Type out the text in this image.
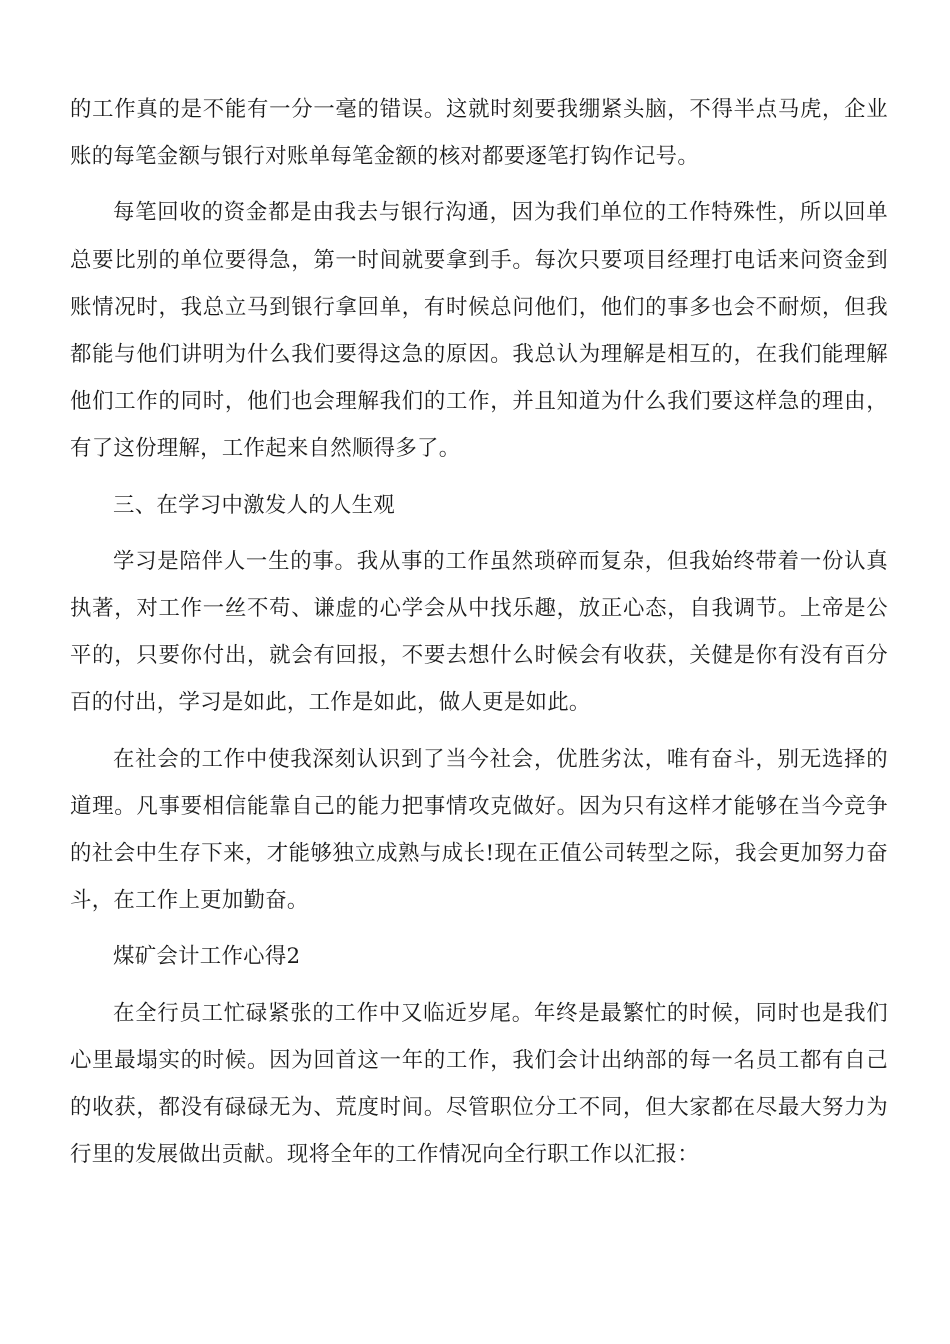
的工作真的是不能有一分一毫的错误。这就时刻要我绷紧头脑，不得半点马虎，企业账的每笔金额与银行对账单每笔金额的核对都要逐笔打钩作记号。

每笔回收的资金都是由我去与银行沟通，因为我们单位的工作特殊性，所以回单总要比别的单位要得急，第一时间就要拿到手。每次只要项目经理打电话来问资金到账情况时，我总立马到银行拿回单，有时候总问他们，他们的事多也会不耐烦，但我都能与他们讲明为什么我们要得这急的原因。我总认为理解是相互的，在我们能理解他们工作的同时，他们也会理解我们的工作，并且知道为什么我们要这样急的理由，有了这份理解，工作起来自然顺得多了。

三、在学习中激发人的人生观

学习是陪伴人一生的事。我从事的工作虽然琐碎而复杂，但我始终带着一份认真执著，对工作一丝不苟、谦虚的心学会从中找乐趣，放正心态，自我调节。上帝是公平的，只要你付出，就会有回报，不要去想什么时候会有收获，关健是你有没有百分百的付出，学习是如此，工作是如此，做人更是如此。

在社会的工作中使我深刻认识到了当今社会，优胜劣汰，唯有奋斗，别无选择的道理。凡事要相信能靠自己的能力把事情攻克做好。因为只有这样才能够在当今竞争的社会中生存下来，才能够独立成熟与成长!现在正值公司转型之际，我会更加努力奋斗，在工作上更加勤奋。

煤矿会计工作心得2

在全行员工忙碌紧张的工作中又临近岁尾。年终是最繁忙的时候，同时也是我们心里最塌实的时候。因为回首这一年的工作，我们会计出纳部的每一名员工都有自己的收获，都没有碌碌无为、荒度时间。尽管职位分工不同，但大家都在尽最大努力为行里的发展做出贡献。现将全年的工作情况向全行职工作以汇报：
